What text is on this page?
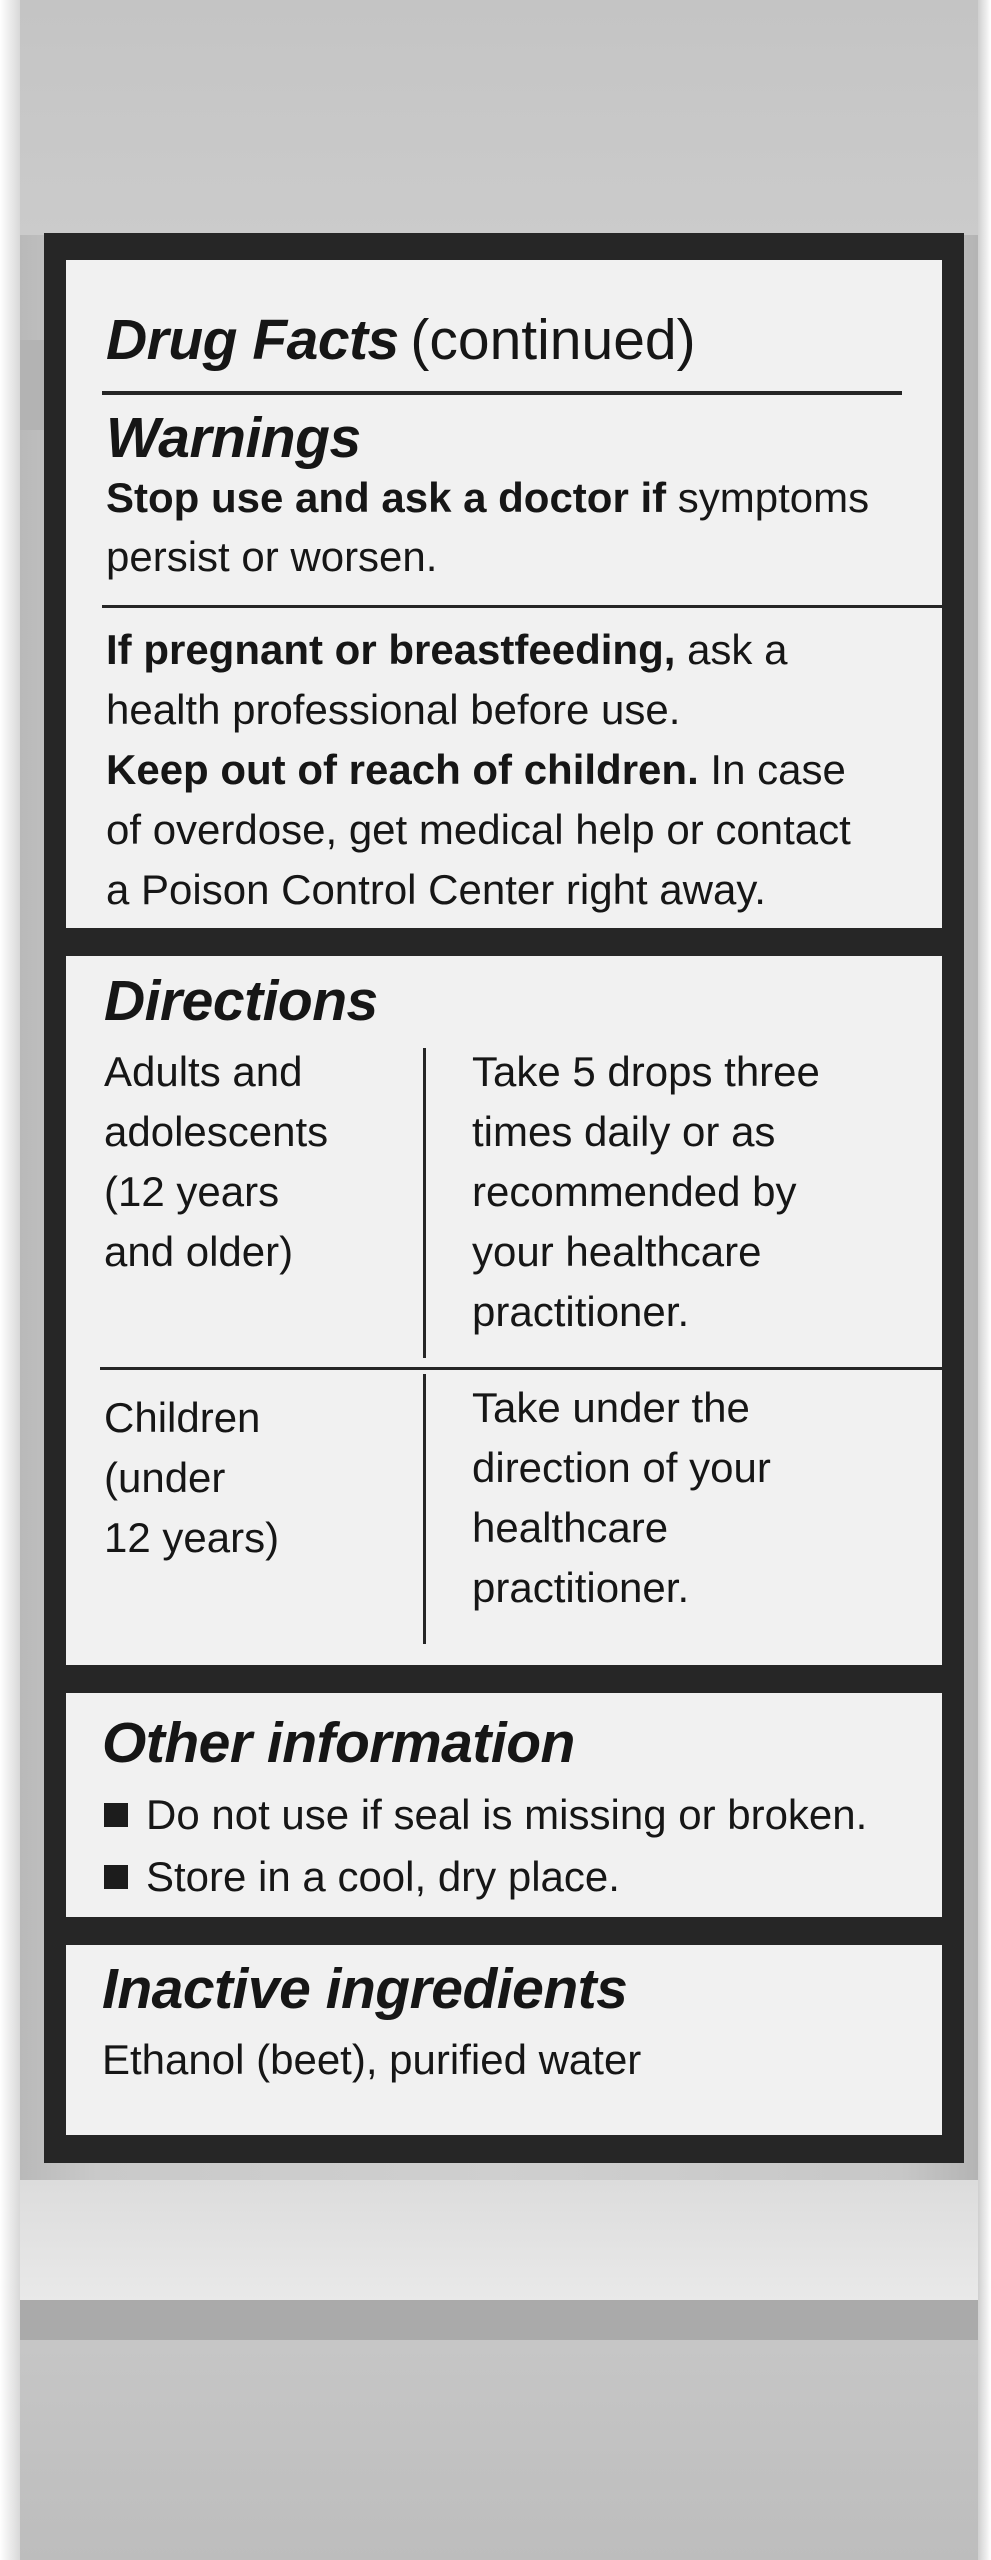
Drug Facts (continued)
Warnings
Stop use and ask a doctor if symptoms
persist or worsen.
If pregnant or breastfeeding, ask a
health professional before use.
Keep out of reach of children. In case
of overdose, get medical help or contact
a Poison Control Center right away.
Directions
Adults and
adolescents
(12 years
and older)
Take 5 drops three
times daily or as
recommended by
your healthcare
practitioner.
Children
(under
12 years)
Take under the
direction of your
healthcare
practitioner.
Other information
Do not use if seal is missing or broken.
Store in a cool, dry place.
Inactive ingredients
Ethanol (beet), purified water
